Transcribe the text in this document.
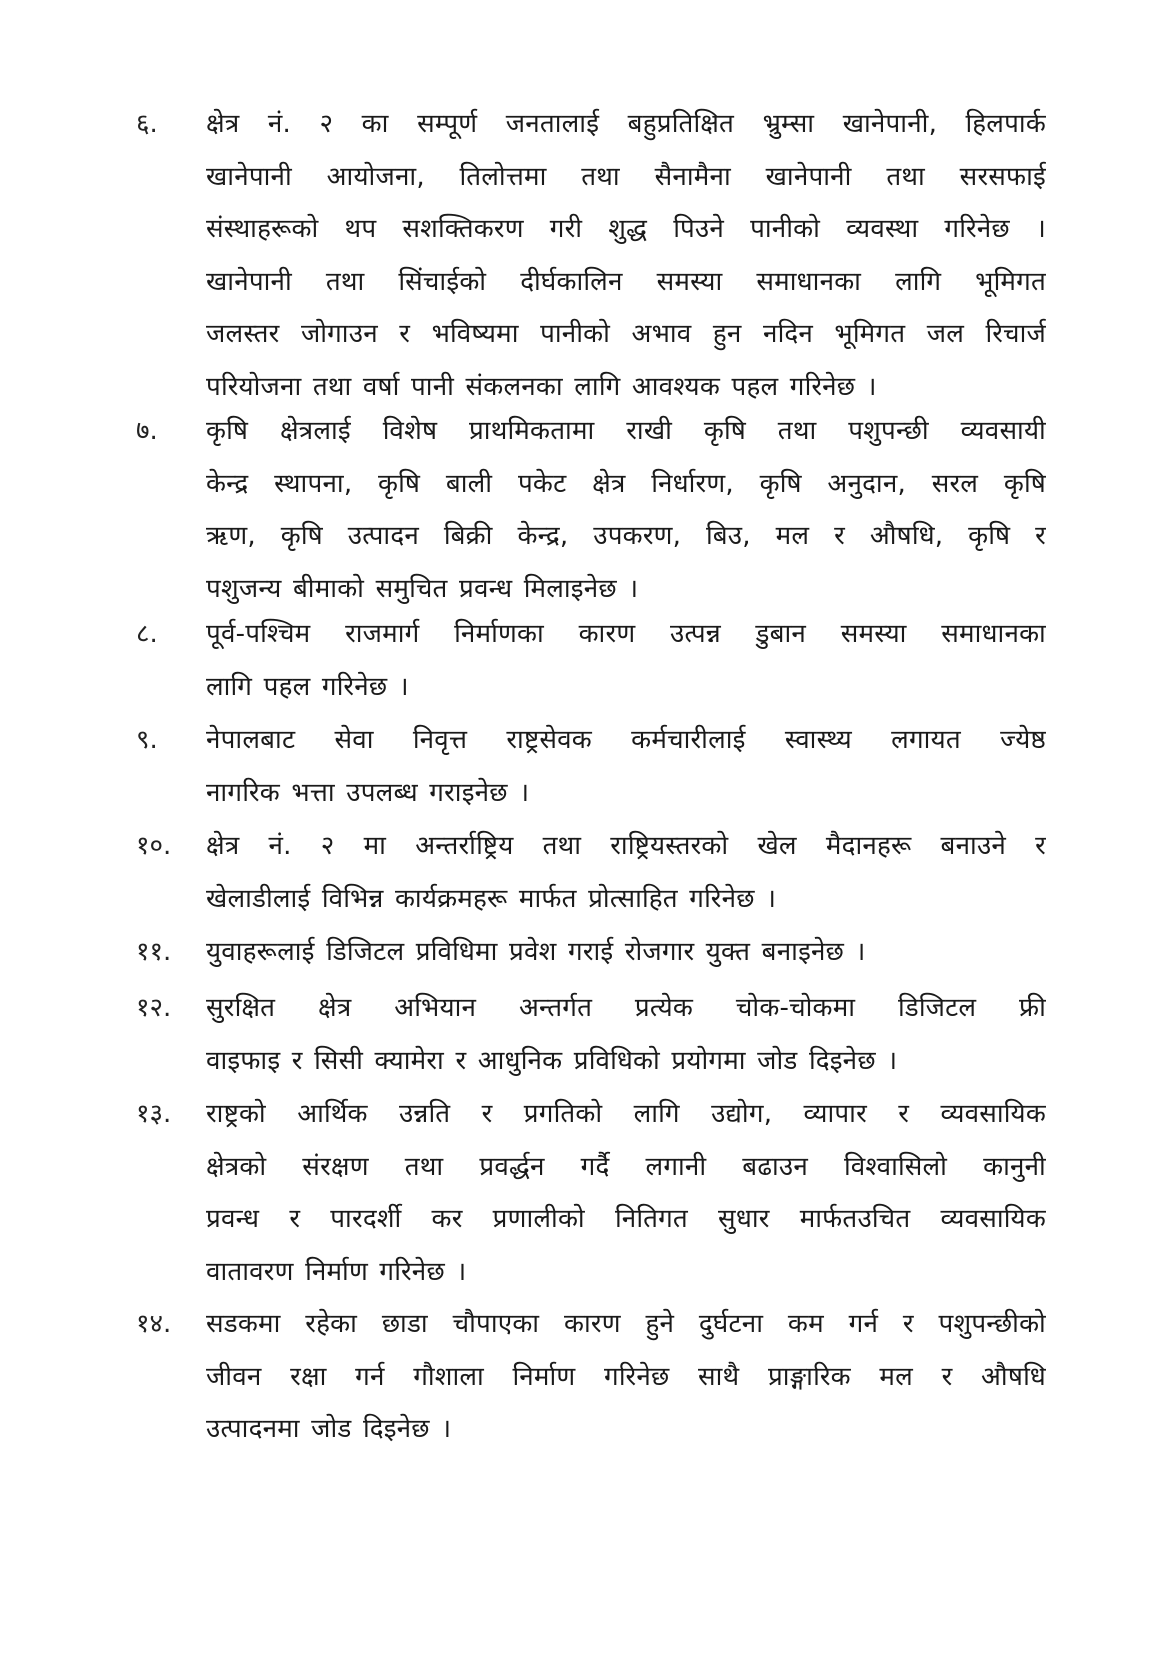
६.	क्षेत्र नं. २ का सम्पूर्ण जनतालाई बहुप्रतिक्षित भ्रुम्सा खानेपानी, हिलपार्क
खानेपानी आयोजना, तिलोत्तमा तथा सैनामैना खानेपानी तथा सरसफाई
संस्थाहरूको थप सशक्तिकरण गरी शुद्ध पिउने पानीको व्यवस्था गरिनेछ ।
खानेपानी तथा सिंचाईको दीर्घकालिन समस्या समाधानका लागि भूमिगत
जलस्तर जोगाउन र भविष्यमा पानीको अभाव हुन नदिन भूमिगत जल रिचार्ज
परियोजना तथा वर्षा पानी संकलनका लागि आवश्यक पहल गरिनेछ ।
७.	कृषि क्षेत्रलाई विशेष प्राथमिकतामा राखी कृषि तथा पशुपन्छी व्यवसायी
केन्द्र स्थापना, कृषि बाली पकेट क्षेत्र निर्धारण, कृषि अनुदान, सरल कृषि
ऋण, कृषि उत्पादन बिक्री केन्द्र, उपकरण, बिउ, मल र औषधि, कृषि र
पशुजन्य बीमाको समुचित प्रवन्ध मिलाइनेछ ।
८.	पूर्व-पश्चिम राजमार्ग निर्माणका कारण उत्पन्न डुबान समस्या समाधानका
लागि पहल गरिनेछ ।
९.	नेपालबाट सेवा निवृत्त राष्ट्रसेवक कर्मचारीलाई स्वास्थ्य लगायत ज्येष्ठ
नागरिक भत्ता उपलब्ध गराइनेछ ।
१०.	क्षेत्र नं. २ मा अन्तर्राष्ट्रिय तथा राष्ट्रियस्तरको खेल मैदानहरू बनाउने र
खेलाडीलाई विभिन्न कार्यक्रमहरू मार्फत प्रोत्साहित गरिनेछ ।
११.	युवाहरूलाई डिजिटल प्रविधिमा प्रवेश गराई रोजगार युक्त बनाइनेछ ।
१२.	सुरक्षित क्षेत्र अभियान अन्तर्गत प्रत्येक चोक-चोकमा डिजिटल फ्री
वाइफाइ र सिसी क्यामेरा र आधुनिक प्रविधिको प्रयोगमा जोड दिइनेछ ।
१३.	राष्ट्रको आर्थिक उन्नति र प्रगतिको लागि उद्योग, व्यापार र व्यवसायिक
क्षेत्रको संरक्षण तथा प्रवर्द्धन गर्दै लगानी बढाउन विश्वासिलो कानुनी
प्रवन्ध र पारदर्शी कर प्रणालीको नितिगत सुधार मार्फतउचित व्यवसायिक
वातावरण निर्माण गरिनेछ ।
१४.	सडकमा रहेका छाडा चौपाएका कारण हुने दुर्घटना कम गर्न र पशुपन्छीको
जीवन रक्षा गर्न गौशाला निर्माण गरिनेछ साथै प्राङ्गारिक मल र औषधि
उत्पादनमा जोड दिइनेछ ।
